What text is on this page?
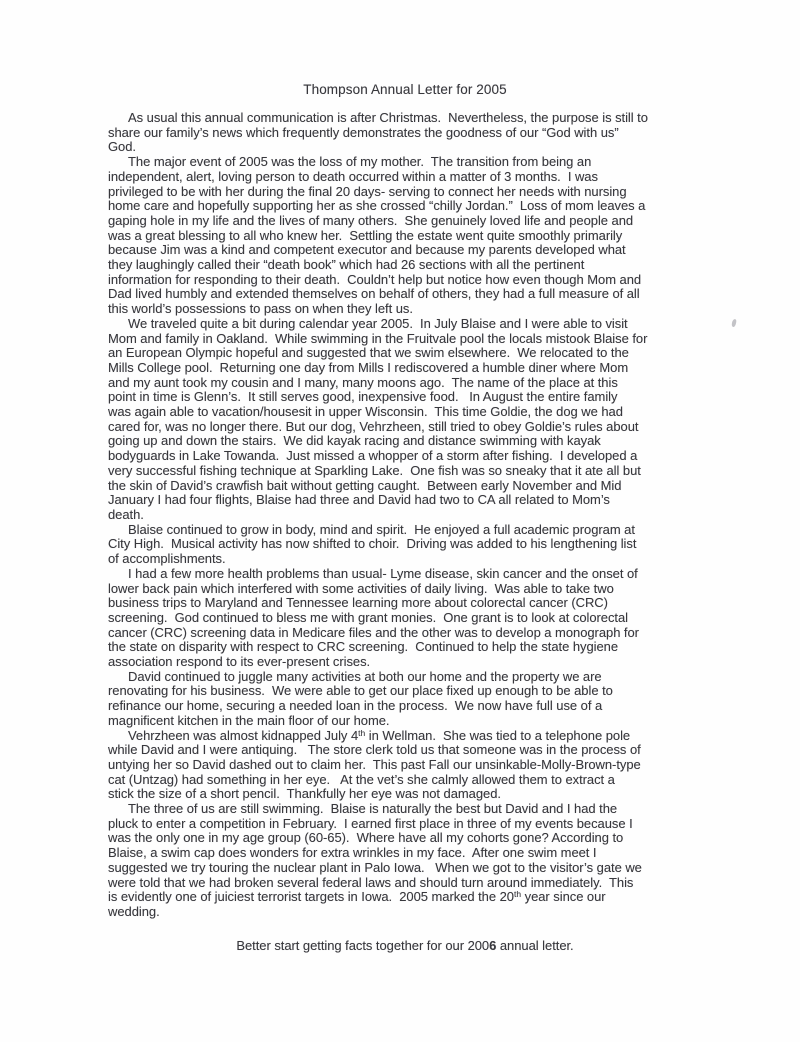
Thompson Annual Letter for 2005
As usual this annual communication is after Christmas.  Nevertheless, the purpose is still to
share our family’s news which frequently demonstrates the goodness of our “God with us”
God.
The major event of 2005 was the loss of my mother.  The transition from being an
independent, alert, loving person to death occurred within a matter of 3 months.  I was
privileged to be with her during the final 20 days- serving to connect her needs with nursing
home care and hopefully supporting her as she crossed “chilly Jordan.”  Loss of mom leaves a
gaping hole in my life and the lives of many others.  She genuinely loved life and people and
was a great blessing to all who knew her.  Settling the estate went quite smoothly primarily
because Jim was a kind and competent executor and because my parents developed what
they laughingly called their “death book” which had 26 sections with all the pertinent
information for responding to their death.  Couldn’t help but notice how even though Mom and
Dad lived humbly and extended themselves on behalf of others, they had a full measure of all
this world’s possessions to pass on when they left us.
We traveled quite a bit during calendar year 2005.  In July Blaise and I were able to visit
Mom and family in Oakland.  While swimming in the Fruitvale pool the locals mistook Blaise for
an European Olympic hopeful and suggested that we swim elsewhere.  We relocated to the
Mills College pool.  Returning one day from Mills I rediscovered a humble diner where Mom
and my aunt took my cousin and I many, many moons ago.  The name of the place at this
point in time is Glenn’s.  It still serves good, inexpensive food.   In August the entire family
was again able to vacation/housesit in upper Wisconsin.  This time Goldie, the dog we had
cared for, was no longer there. But our dog, Vehrzheen, still tried to obey Goldie’s rules about
going up and down the stairs.  We did kayak racing and distance swimming with kayak
bodyguards in Lake Towanda.  Just missed a whopper of a storm after fishing.  I developed a
very successful fishing technique at Sparkling Lake.  One fish was so sneaky that it ate all but
the skin of David’s crawfish bait without getting caught.  Between early November and Mid
January I had four flights, Blaise had three and David had two to CA all related to Mom’s
death.
Blaise continued to grow in body, mind and spirit.  He enjoyed a full academic program at
City High.  Musical activity has now shifted to choir.  Driving was added to his lengthening list
of accomplishments.
I had a few more health problems than usual- Lyme disease, skin cancer and the onset of
lower back pain which interfered with some activities of daily living.  Was able to take two
business trips to Maryland and Tennessee learning more about colorectal cancer (CRC)
screening.  God continued to bless me with grant monies.  One grant is to look at colorectal
cancer (CRC) screening data in Medicare files and the other was to develop a monograph for
the state on disparity with respect to CRC screening.  Continued to help the state hygiene
association respond to its ever-present crises.
David continued to juggle many activities at both our home and the property we are
renovating for his business.  We were able to get our place fixed up enough to be able to
refinance our home, securing a needed loan in the process.  We now have full use of a
magnificent kitchen in the main floor of our home.
Vehrzheen was almost kidnapped July 4th in Wellman.  She was tied to a telephone pole
while David and I were antiquing.   The store clerk told us that someone was in the process of
untying her so David dashed out to claim her.  This past Fall our unsinkable-Molly-Brown-type
cat (Untzag) had something in her eye.   At the vet’s she calmly allowed them to extract a
stick the size of a short pencil.  Thankfully her eye was not damaged.
The three of us are still swimming.  Blaise is naturally the best but David and I had the
pluck to enter a competition in February.  I earned first place in three of my events because I
was the only one in my age group (60-65).  Where have all my cohorts gone? According to
Blaise, a swim cap does wonders for extra wrinkles in my face.  After one swim meet I
suggested we try touring the nuclear plant in Palo Iowa.   When we got to the visitor’s gate we
were told that we had broken several federal laws and should turn around immediately.  This
is evidently one of juiciest terrorist targets in Iowa.  2005 marked the 20th year since our
wedding.
Better start getting facts together for our 2006 annual letter.
